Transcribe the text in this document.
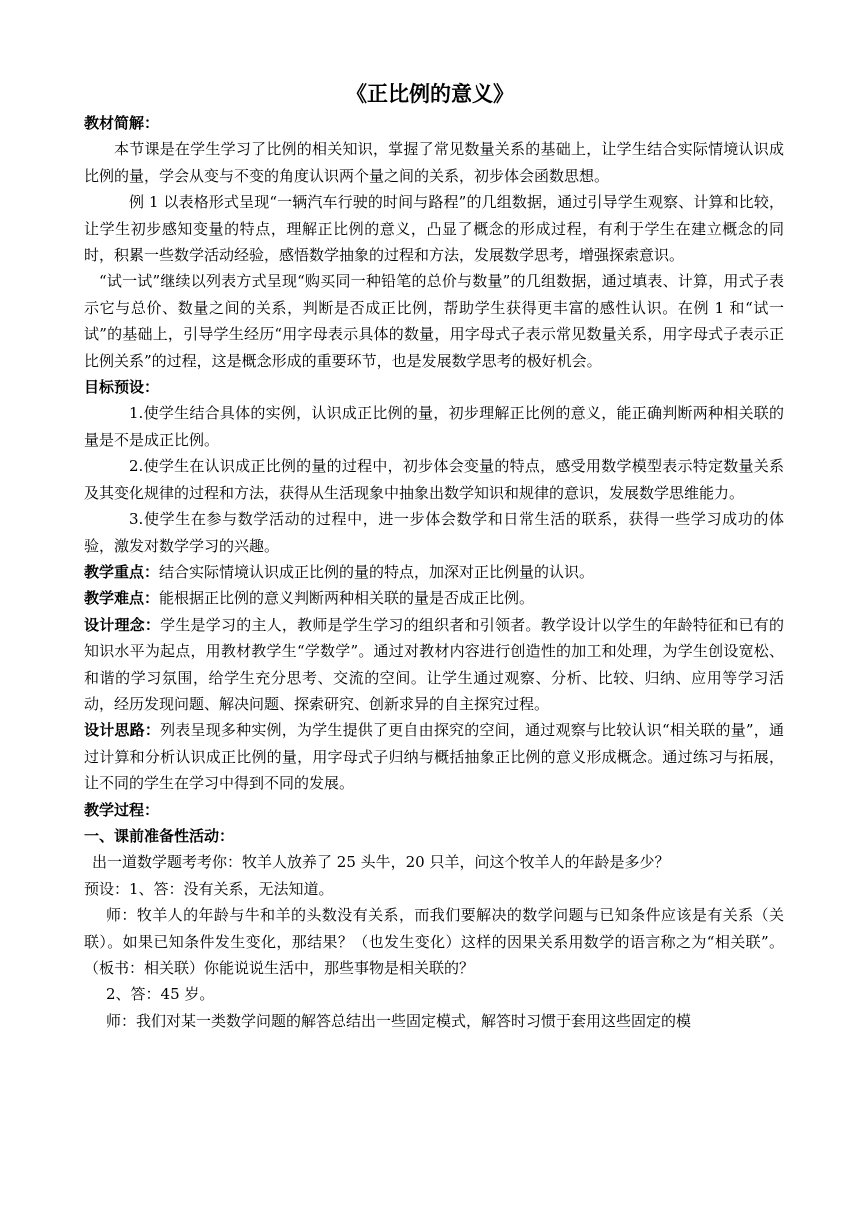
《正比例的意义》

教材简解：

本节课是在学生学习了比例的相关知识，掌握了常见数量关系的基础上，让学生结合实际情境认识成比例的量，学会从变与不变的角度认识两个量之间的关系，初步体会函数思想。

例 1 以表格形式呈现“一辆汽车行驶的时间与路程”的几组数据，通过引导学生观察、计算和比较，让学生初步感知变量的特点，理解正比例的意义，凸显了概念的形成过程，有利于学生在建立概念的同时，积累一些数学活动经验，感悟数学抽象的过程和方法，发展数学思考，增强探索意识。

“试一试”继续以列表方式呈现“购买同一种铅笔的总价与数量”的几组数据，通过填表、计算，用式子表示它与总价、数量之间的关系，判断是否成正比例，帮助学生获得更丰富的感性认识。在例 1 和“试一试”的基础上，引导学生经历“用字母表示具体的数量，用字母式子表示常见数量关系，用字母式子表示正比例关系”的过程，这是概念形成的重要环节，也是发展数学思考的极好机会。

目标预设：

1.使学生结合具体的实例，认识成正比例的量，初步理解正比例的意义，能正确判断两种相关联的量是不是成正比例。

2.使学生在认识成正比例的量的过程中，初步体会变量的特点，感受用数学模型表示特定数量关系及其变化规律的过程和方法，获得从生活现象中抽象出数学知识和规律的意识，发展数学思维能力。

3.使学生在参与数学活动的过程中，进一步体会数学和日常生活的联系，获得一些学习成功的体验，激发对数学学习的兴趣。

教学重点：结合实际情境认识成正比例的量的特点，加深对正比例量的认识。

教学难点：能根据正比例的意义判断两种相关联的量是否成正比例。

设计理念：学生是学习的主人，教师是学生学习的组织者和引领者。教学设计以学生的年龄特征和已有的知识水平为起点，用教材教学生“学数学”。通过对教材内容进行创造性的加工和处理，为学生创设宽松、和谐的学习氛围，给学生充分思考、交流的空间。让学生通过观察、分析、比较、归纳、应用等学习活动，经历发现问题、解决问题、探索研究、创新求异的自主探究过程。

设计思路：列表呈现多种实例，为学生提供了更自由探究的空间，通过观察与比较认识“相关联的量”，通过计算和分析认识成正比例的量，用字母式子归纳与概括抽象正比例的意义形成概念。通过练习与拓展，让不同的学生在学习中得到不同的发展。

教学过程：

一、课前准备性活动：

出一道数学题考考你：牧羊人放养了 25 头牛，20 只羊，问这个牧羊人的年龄是多少？

预设：1、答：没有关系，无法知道。

师：牧羊人的年龄与牛和羊的头数没有关系，而我们要解决的数学问题与已知条件应该是有关系（关联）。如果已知条件发生变化，那结果？（也发生变化）这样的因果关系用数学的语言称之为“相关联”。（板书：相关联）你能说说生活中，那些事物是相关联的？

2、答：45 岁。

师：我们对某一类数学问题的解答总结出一些固定模式，解答时习惯于套用这些固定的模
